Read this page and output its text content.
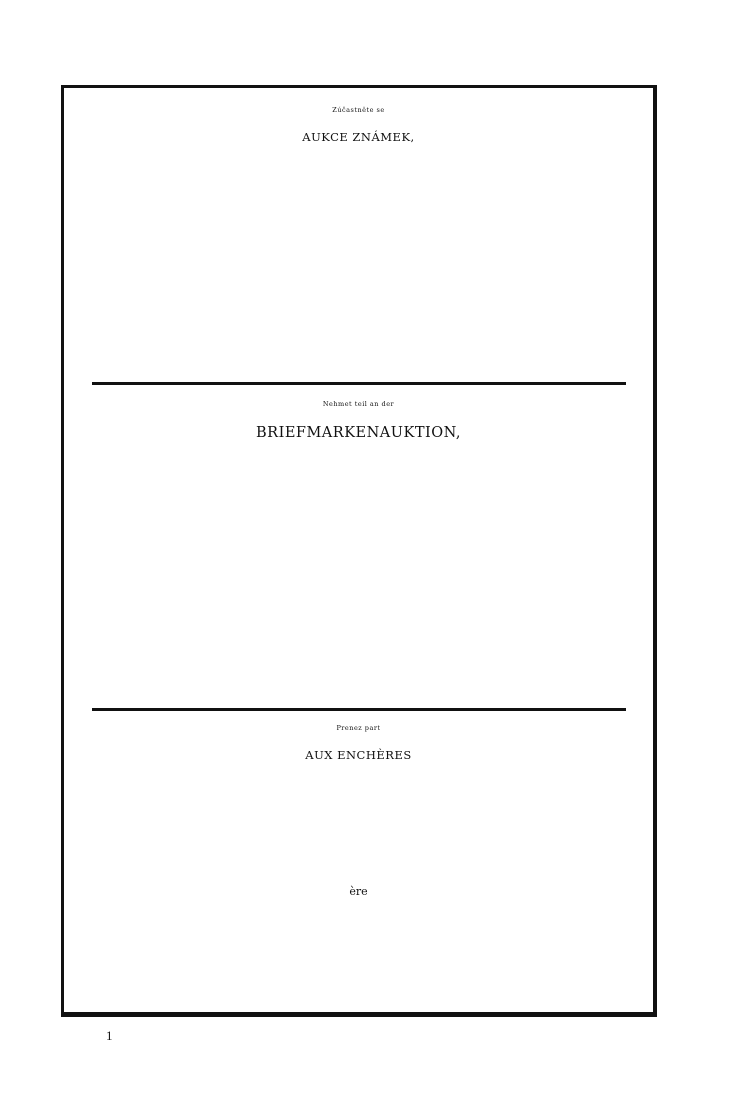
Zúčastněte se
AUKCE ZNÁMEK,
Nehmet teil an der
BRIEFMARKENAUKTION,
Prenez part
AUX ENCHÈRES
$^{ère}$
1
